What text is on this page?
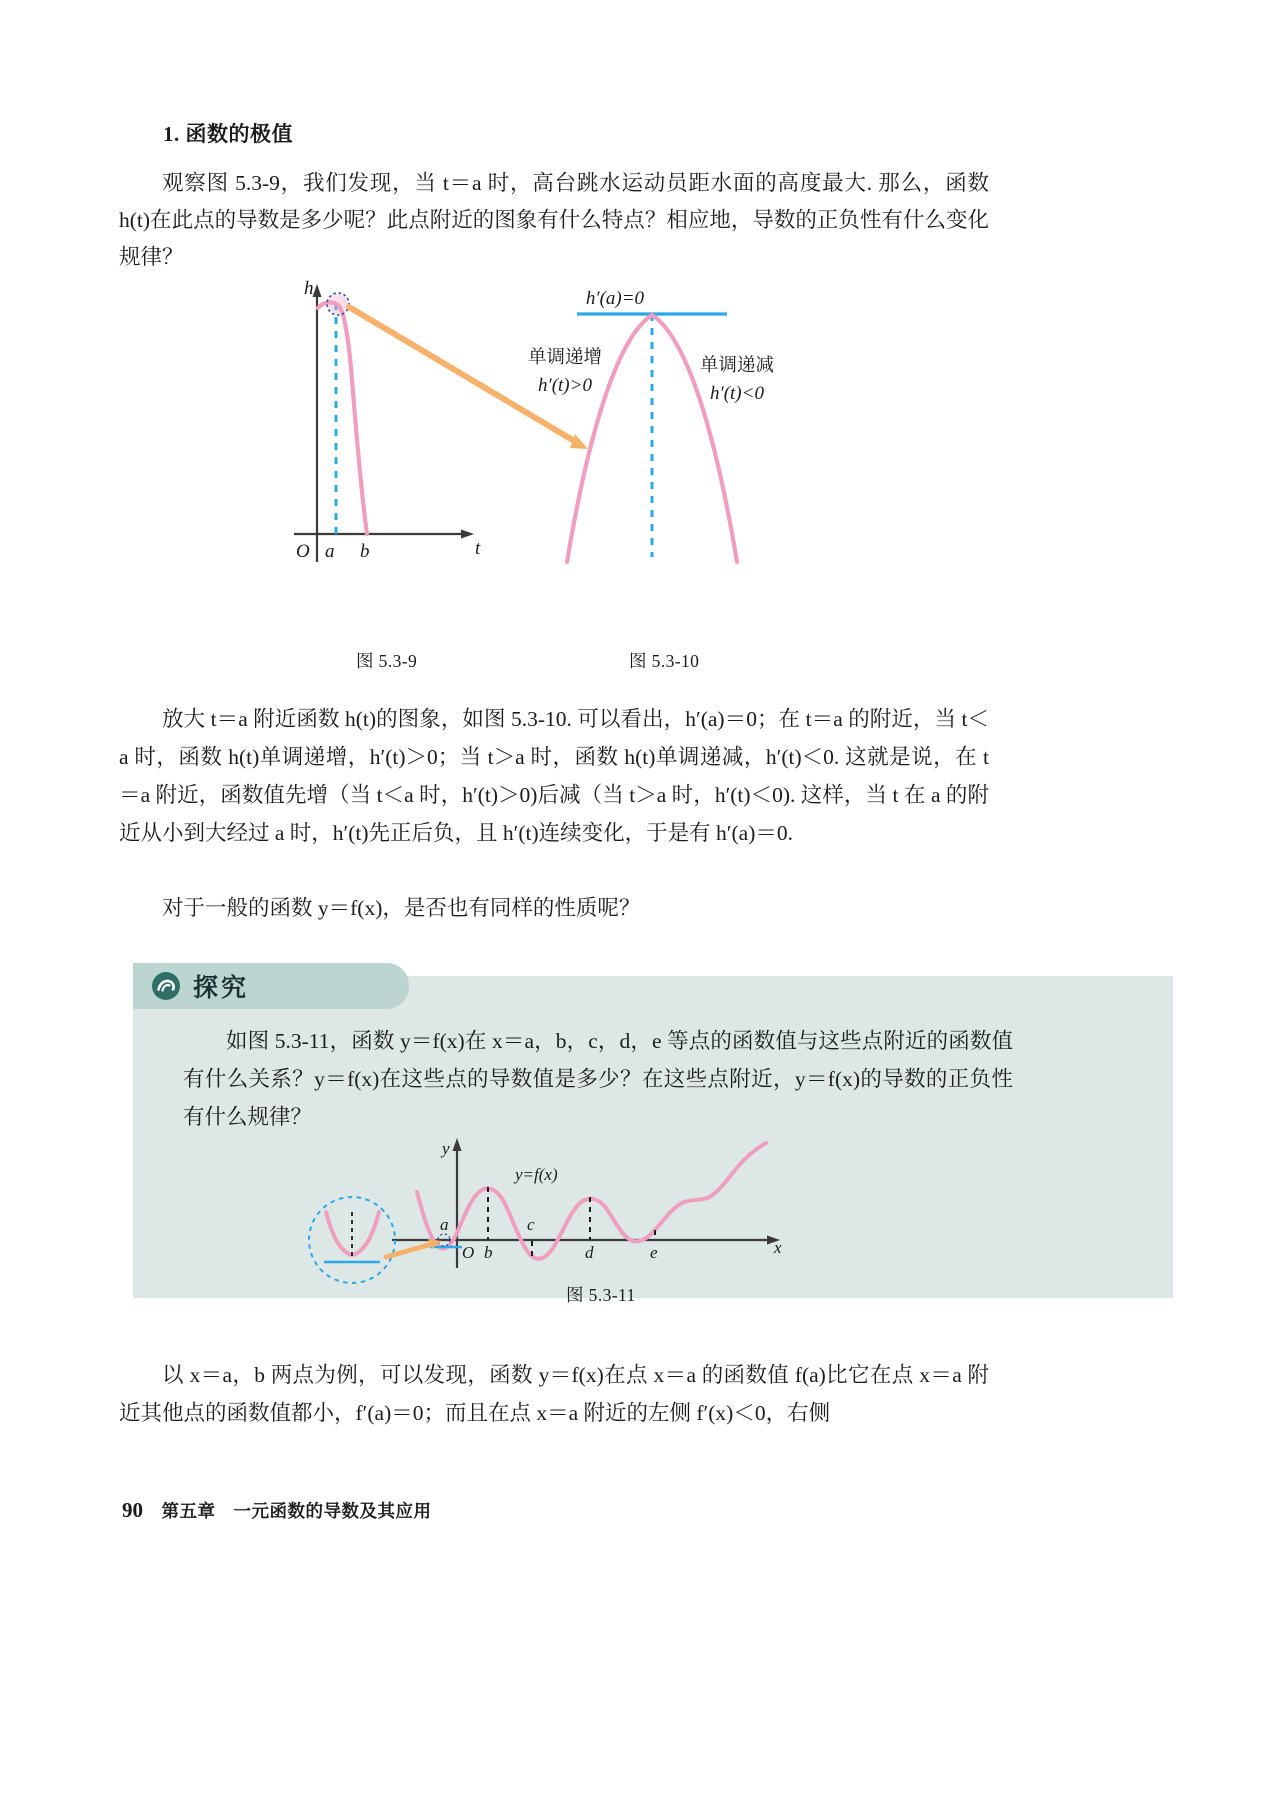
1. 函数的极值
观察图 5.3-9，我们发现，当 t＝a 时，高台跳水运动员距水面的高度最大. 那么，函数 h(t)在此点的导数是多少呢？此点附近的图象有什么特点？相应地，导数的正负性有什么变化规律？
h
t
O a b
h′(a)=0
单调递增
h′(t)>0
单调递减
h′(t)<0
图 5.3-9	图 5.3-10
放大 t＝a 附近函数 h(t)的图象，如图 5.3-10. 可以看出，h′(a)＝0；在 t＝a 的附近，当 t＜a 时，函数 h(t)单调递增，h′(t)＞0；当 t＞a 时，函数 h(t)单调递减，h′(t)＜0. 这就是说，在 t＝a 附近，函数值先增（当 t＜a 时，h′(t)＞0)后减（当 t＞a 时，h′(t)＜0). 这样，当 t 在 a 的附近从小到大经过 a 时，h′(t)先正后负，且 h′(t)连续变化，于是有 h′(a)＝0.
对于一般的函数 y＝f(x)，是否也有同样的性质呢？
探究
如图 5.3-11，函数 y＝f(x)在 x＝a，b，c，d，e 等点的函数值与这些点附近的函数值有什么关系？y＝f(x)在这些点的导数值是多少？在这些点附近，y＝f(x)的导数的正负性有什么规律？
a
O b
c
d	e
y
x
y=f(x)
图 5.3-11
以 x＝a，b 两点为例，可以发现，函数 y＝f(x)在点 x＝a 的函数值 f(a)比它在点 x＝a 附近其他点的函数值都小，f′(a)＝0；而且在点 x＝a 附近的左侧 f′(x)＜0，右侧
90 第五章　一元函数的导数及其应用
